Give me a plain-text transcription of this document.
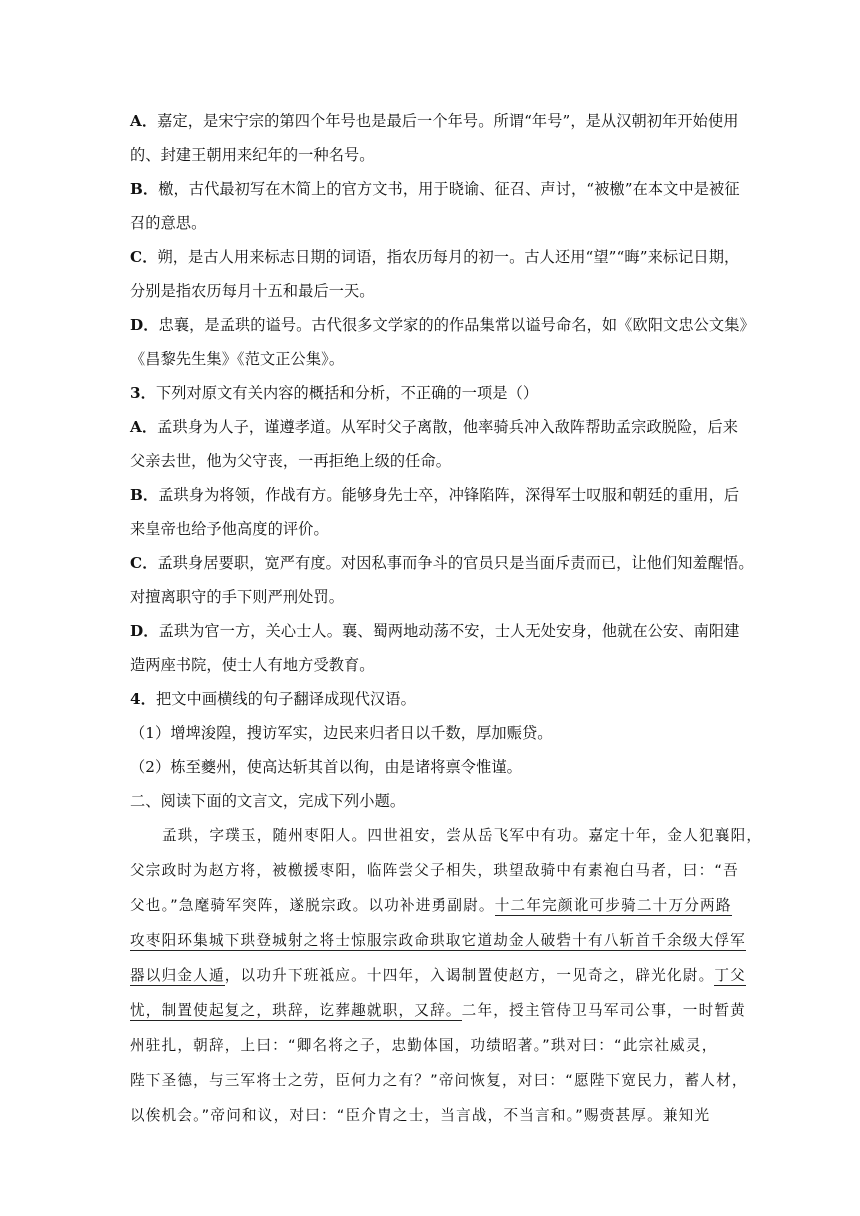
A．嘉定，是宋宁宗的第四个年号也是最后一个年号。所谓“年号”，是从汉朝初年开始使用
的、封建王朝用来纪年的一种名号。
B．檄，古代最初写在木简上的官方文书，用于晓谕、征召、声讨，“被檄”在本文中是被征
召的意思。
C．朔，是古人用来标志日期的词语，指农历每月的初一。古人还用“望”“晦”来标记日期，
分别是指农历每月十五和最后一天。
D．忠襄，是孟珙的谥号。古代很多文学家的的作品集常以谥号命名，如《欧阳文忠公文集》
《昌黎先生集》《范文正公集》。
3．下列对原文有关内容的概括和分析，不正确的一项是（）
A．孟珙身为人子，谨遵孝道。从军时父子离散，他率骑兵冲入敌阵帮助孟宗政脱险，后来
父亲去世，他为父守丧，一再拒绝上级的任命。
B．孟珙身为将领，作战有方。能够身先士卒，冲锋陷阵，深得军士叹服和朝廷的重用，后
来皇帝也给予他高度的评价。
C．孟珙身居要职，宽严有度。对因私事而争斗的官员只是当面斥责而已，让他们知羞醒悟。
对擅离职守的手下则严刑处罚。
D．孟珙为官一方，关心士人。襄、蜀两地动荡不安，士人无处安身，他就在公安、南阳建
造两座书院，使士人有地方受教育。
4．把文中画横线的句子翻译成现代汉语。
（1）增埤浚隍，搜访军实，边民来归者日以千数，厚加赈贷。
（2）栋至夔州，使高达斩其首以徇，由是诸将禀令惟谨。
二、阅读下面的文言文，完成下列小题。
孟珙，字璞玉，随州枣阳人。四世祖安，尝从岳飞军中有功。嘉定十年，金人犯襄阳，
父宗政时为赵方将，被檄援枣阳，临阵尝父子相失，珙望敌骑中有素袍白马者，曰：“吾
父也。”急麾骑军突阵，遂脱宗政。以功补进勇副尉。十二年完颜讹可步骑二十万分两路
攻枣阳环集城下珙登城射之将士惊服宗政命珙取它道劫金人破砦十有八斩首千余级大俘军
器以归金人遁，以功升下班祗应。十四年，入谒制置使赵方，一见奇之，辟光化尉。丁父
忧，制置使起复之，珙辞，讫葬趣就职，又辞。二年，授主管侍卫马军司公事，一时暂黄
州驻扎，朝辞，上曰：“卿名将之子，忠勤体国，功绩昭著。”珙对曰：“此宗社威灵，
陛下圣德，与三军将士之劳，臣何力之有？”帝问恢复，对曰：“愿陛下宽民力，蓄人材，
以俟机会。”帝问和议，对曰：“臣介胄之士，当言战，不当言和。”赐赍甚厚。兼知光
